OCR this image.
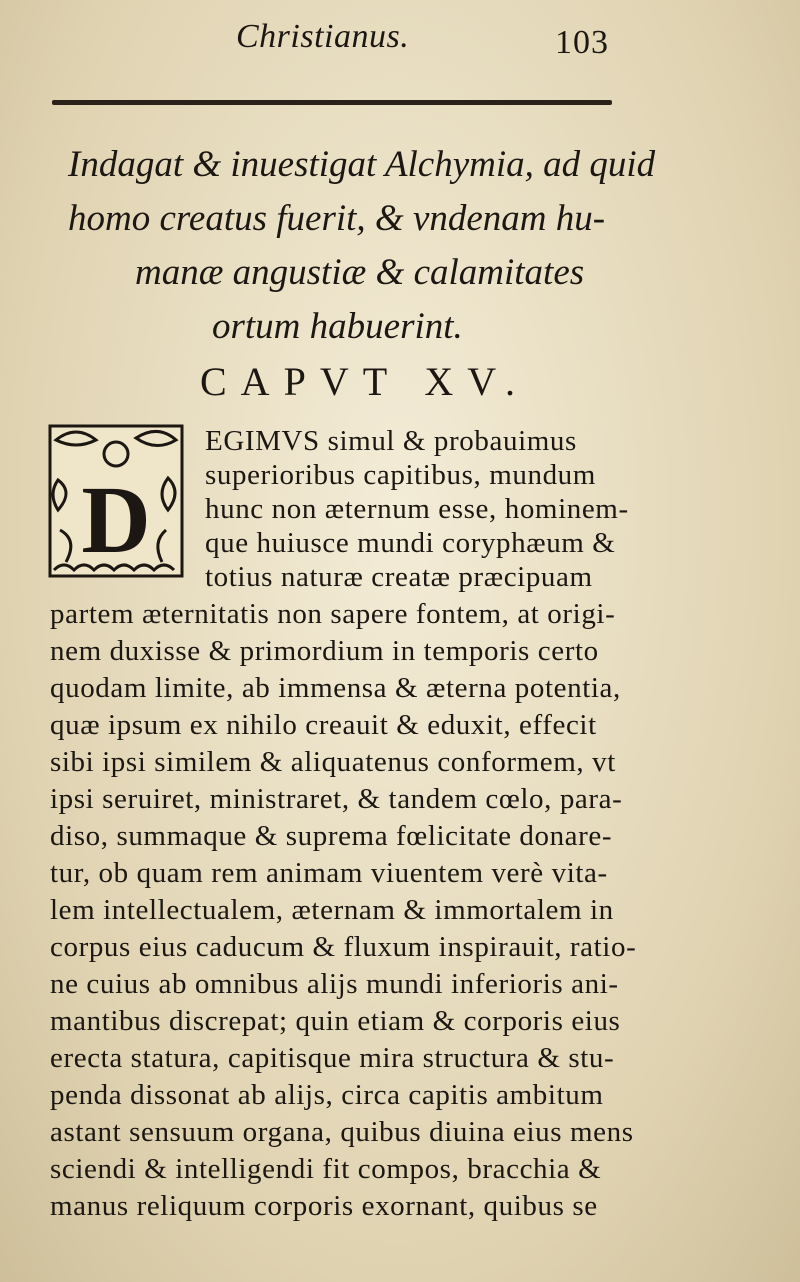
Christianus.	103
Indagat & inuestigat Alchymia, ad quid
homo creatus fuerit, & vndenam hu-
manæ angustiæ & calamitates
ortum habuerint.
CAPVT XV.
D
EGIMVS simul & probauimus
superioribus capitibus, mundum
hunc non æternum esse, hominem-
que huiusce mundi coryphæum &
totius naturæ creatæ præcipuam
partem æternitatis non sapere fontem, at origi-
nem duxisse & primordium in temporis certo
quodam limite, ab immensa & æterna potentia,
quæ ipsum ex nihilo creauit & eduxit, effecit
sibi ipsi similem & aliquatenus conformem, vt
ipsi seruiret, ministraret, & tandem cœlo, para-
diso, summaque & suprema fœlicitate donare-
tur, ob quam rem animam viuentem verè vita-
lem intellectualem, æternam & immortalem in
corpus eius caducum & fluxum inspirauit, ratio-
ne cuius ab omnibus alijs mundi inferioris ani-
mantibus discrepat; quin etiam & corporis eius
erecta statura, capitisque mira structura & stu-
penda dissonat ab alijs, circa capitis ambitum
astant sensuum organa, quibus diuina eius mens
sciendi & intelligendi fit compos, bracchia &
manus reliquum corporis exornant, quibus se
